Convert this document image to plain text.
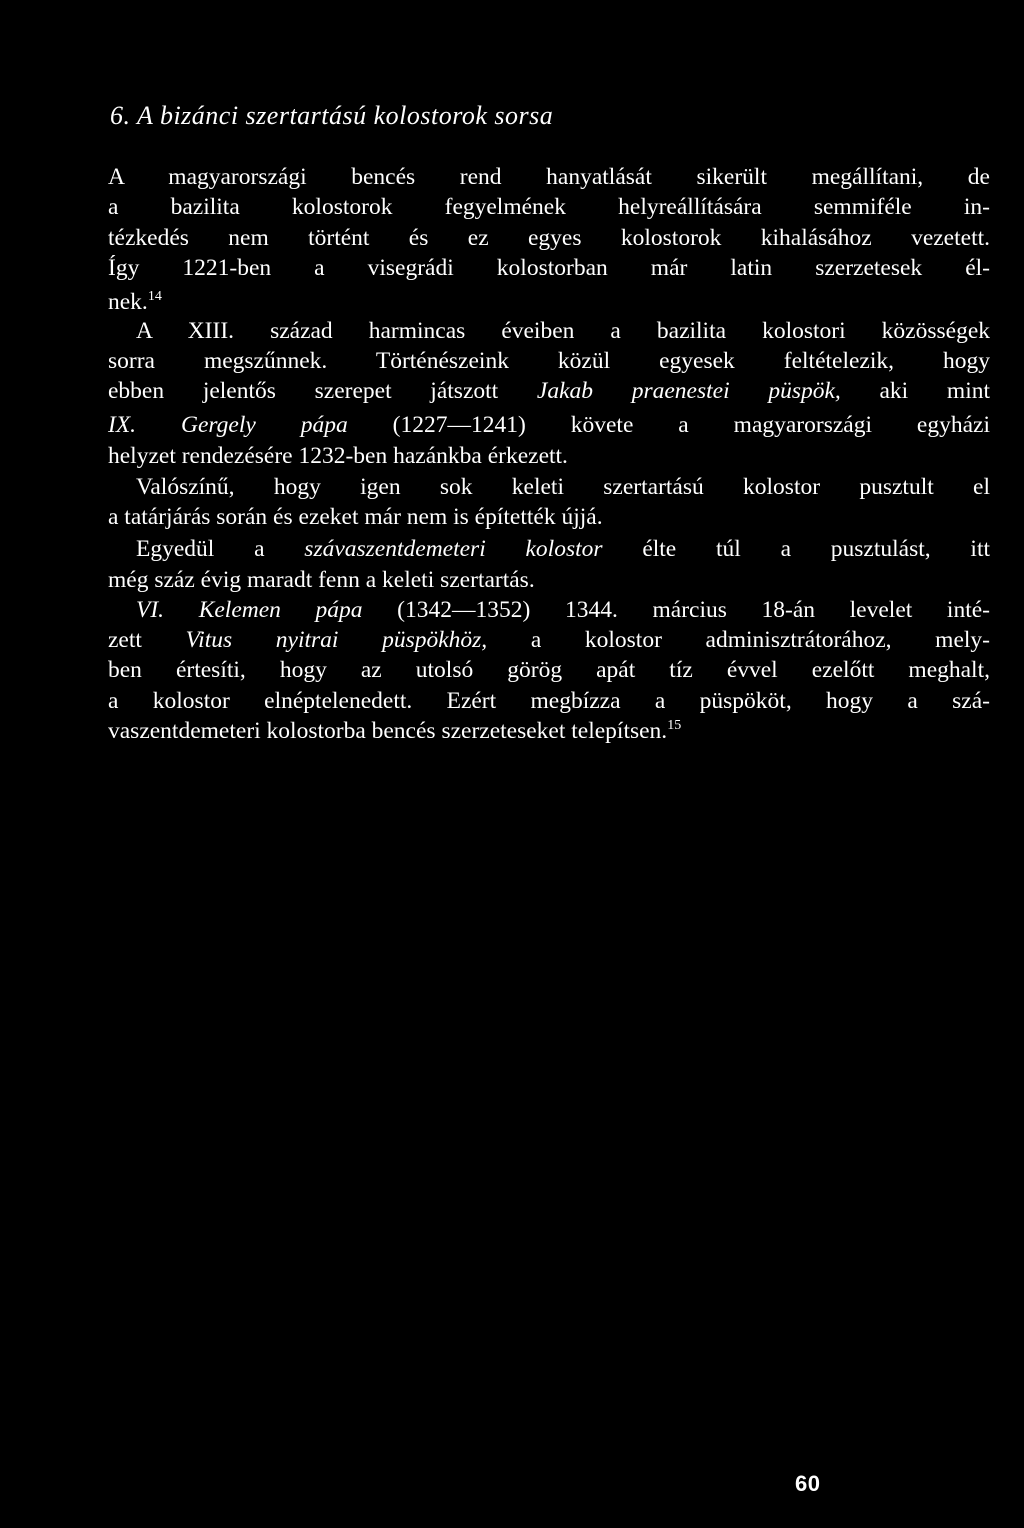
6. A bizánci szertartású kolostorok sorsa
A magyarországi bencés rend hanyatlását sikerült megállítani, de
a bazilita kolostorok fegyelmének helyreállítására semmiféle in-
tézkedés nem történt és ez egyes kolostorok kihalásához vezetett.
Így 1221-ben a visegrádi kolostorban már latin szerzetesek él-
nek.$^{14}$
A XIII. század harmincas éveiben a bazilita kolostori közösségek
sorra megszűnnek. Történészeink közül egyesek feltételezik, hogy
ebben jelentős szerepet játszott Jakab praenestei püspök, aki mint
IX. Gergely pápa (1227—1241) követe a magyarországi egyházi
helyzet rendezésére 1232-ben hazánkba érkezett.
Valószínű, hogy igen sok keleti szertartású kolostor pusztult el
a tatárjárás során és ezeket már nem is építették újjá.
Egyedül a szávaszentdemeteri kolostor élte túl a pusztulást, itt
még száz évig maradt fenn a keleti szertartás.
VI. Kelemen pápa (1342—1352) 1344. március 18-án levelet inté-
zett Vitus nyitrai püspökhöz, a kolostor adminisztrátorához, mely-
ben értesíti, hogy az utolsó görög apát tíz évvel ezelőtt meghalt,
a kolostor elnéptelenedett. Ezért megbízza a püspököt, hogy a szá-
vaszentdemeteri kolostorba bencés szerzeteseket telepítsen.$^{15}$
60
